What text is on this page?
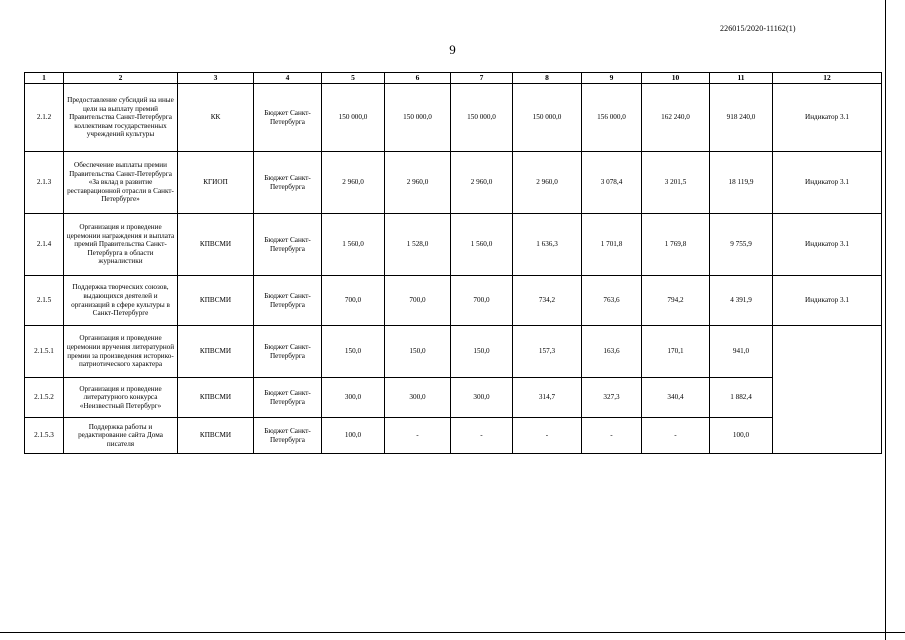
226015/2020-11162(1)
9
1	2	3	4	5	6	7	8	9	10	11	12
2.1.2	Предоставление субсидий на иные цели на выплату премий Правительства Санкт-Петербурга коллективам государственных учреждений культуры	КК	Бюджет Санкт-Петербурга	150 000,0	150 000,0	150 000,0	150 000,0	156 000,0	162 240,0	918 240,0	Индикатор 3.1
2.1.3	Обеспечение выплаты премии Правительства Санкт-Петербурга «За вклад в развитие реставрационной отрасли в Санкт-Петербурге»	КГИОП	Бюджет Санкт-Петербурга	2 960,0	2 960,0	2 960,0	2 960,0	3 078,4	3 201,5	18 119,9	Индикатор 3.1
2.1.4	Организация и проведение церемонии награждения и выплата премий Правительства Санкт-Петербурга в области журналистики	КПВСМИ	Бюджет Санкт-Петербурга	1 560,0	1 528,0	1 560,0	1 636,3	1 701,8	1 769,8	9 755,9	Индикатор 3.1
2.1.5	Поддержка творческих союзов, выдающихся деятелей и организаций в сфере культуры в Санкт-Петербурге	КПВСМИ	Бюджет Санкт-Петербурга	700,0	700,0	700,0	734,2	763,6	794,2	4 391,9	Индикатор 3.1
2.1.5.1	Организация и проведение церемонии вручения литературной премии за произведения историко-патриотического характера	КПВСМИ	Бюджет Санкт-Петербурга	150,0	150,0	150,0	157,3	163,6	170,1	941,0	
2.1.5.2	Организация и проведение литературного конкурса «Неизвестный Петербург»	КПВСМИ	Бюджет Санкт-Петербурга	300,0	300,0	300,0	314,7	327,3	340,4	1 882,4	
2.1.5.3	Поддержка работы и редактирование сайта Дома писателя	КПВСМИ	Бюджет Санкт-Петербурга	100,0	-	-	-	-	-	100,0	
